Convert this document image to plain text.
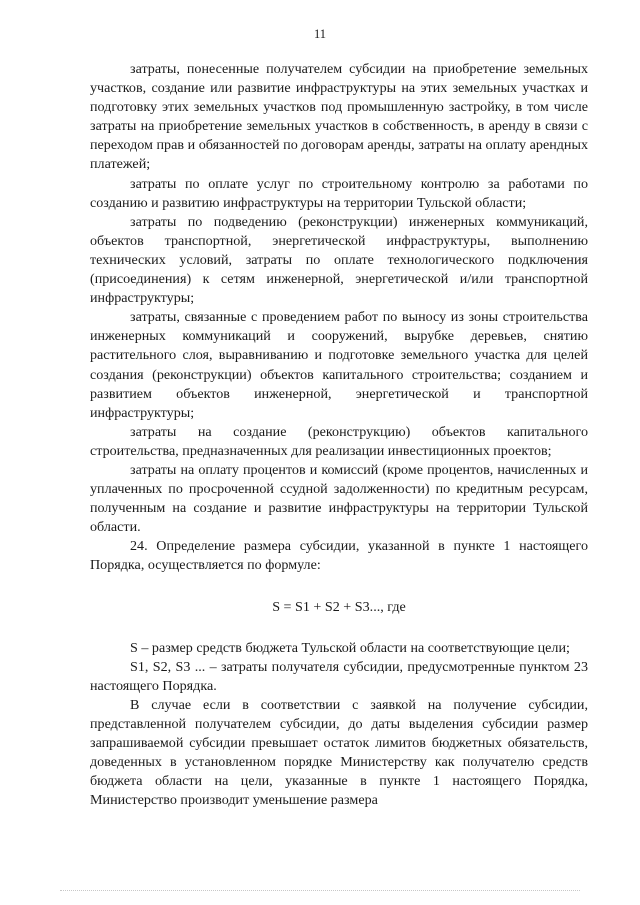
11

затраты, понесенные получателем субсидии на приобретение земельных участков, создание или развитие инфраструктуры на этих земельных участках и подготовку этих земельных участков под промышленную застройку, в том числе затраты на приобретение земельных участков в собственность, в аренду в связи с переходом прав и обязанностей по договорам аренды, затраты на оплату арендных платежей;

затраты по оплате услуг по строительному контролю за работами по созданию и развитию инфраструктуры на территории Тульской области;

затраты по подведению (реконструкции) инженерных коммуникаций, объектов транспортной, энергетической инфраструктуры, выполнению технических условий, затраты по оплате технологического подключения (присоединения) к сетям инженерной, энергетической и/или транспортной инфраструктуры;

затраты, связанные с проведением работ по выносу из зоны строительства инженерных коммуникаций и сооружений, вырубке деревьев, снятию растительного слоя, выравниванию и подготовке земельного участка для целей создания (реконструкции) объектов капитального строительства; созданием и развитием объектов инженерной, энергетической и транспортной инфраструктуры;

затраты на создание (реконструкцию) объектов капитального строительства, предназначенных для реализации инвестиционных проектов;

затраты на оплату процентов и комиссий (кроме процентов, начисленных и уплаченных по просроченной ссудной задолженности) по кредитным ресурсам, полученным на создание и развитие инфраструктуры на территории Тульской области.

24. Определение размера субсидии, указанной в пункте 1 настоящего Порядка, осуществляется по формуле:

S = S1 + S2 + S3..., где

S – размер средств бюджета Тульской области на соответствующие цели;

S1, S2, S3 ... – затраты получателя субсидии, предусмотренные пунктом 23 настоящего Порядка.

В случае если в соответствии с заявкой на получение субсидии, представленной получателем субсидии, до даты выделения субсидии размер запрашиваемой субсидии превышает остаток лимитов бюджетных обязательств, доведенных в установленном порядке Министерству как получателю средств бюджета области на цели, указанные в пункте 1 настоящего Порядка, Министерство производит уменьшение размера
